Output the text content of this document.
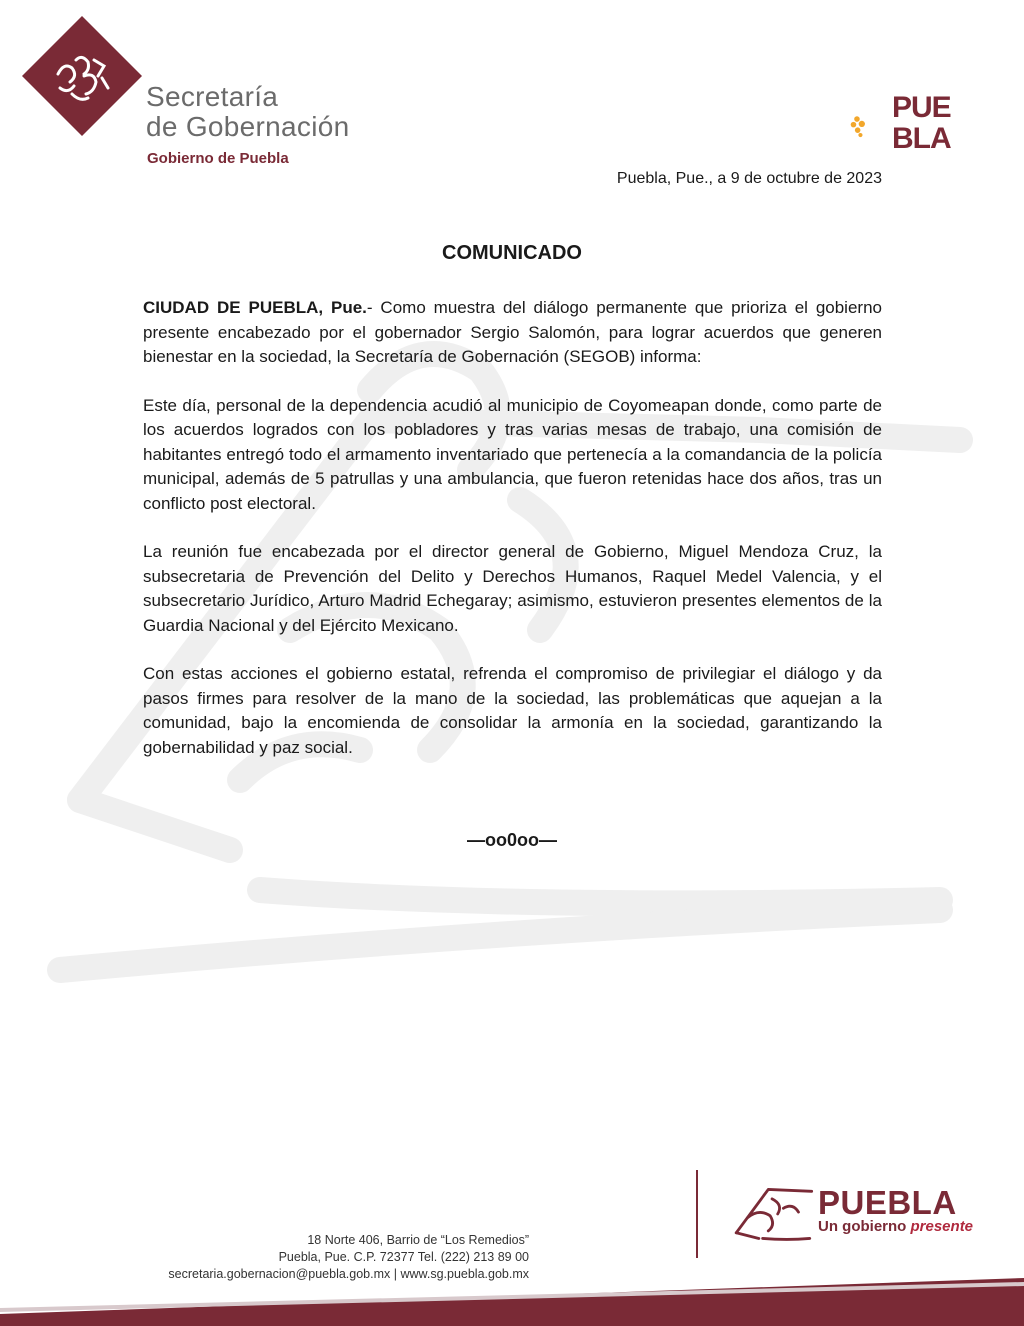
Secretaría
de Gobernación
Gobierno de Puebla
PUE
BLA
Puebla, Pue., a 9 de octubre de 2023
COMUNICADO

CIUDAD DE PUEBLA, Pue.- Como muestra del diálogo permanente que prioriza el gobierno presente encabezado por el gobernador Sergio Salomón, para lograr acuerdos que generen bienestar en la sociedad, la Secretaría de Gobernación (SEGOB) informa:

Este día, personal de la dependencia acudió al municipio de Coyomeapan donde, como parte de los acuerdos logrados con los pobladores y tras varias mesas de trabajo, una comisión de habitantes entregó todo el armamento inventariado que pertenecía a la comandancia de la policía municipal, además de 5 patrullas y una ambulancia, que fueron retenidas hace dos años, tras un conflicto post electoral.

La reunión fue encabezada por el director general de Gobierno, Miguel Mendoza Cruz, la subsecretaria de Prevención del Delito y Derechos Humanos, Raquel Medel Valencia, y el subsecretario Jurídico, Arturo Madrid Echegaray; asimismo, estuvieron presentes elementos de la Guardia Nacional y del Ejército Mexicano.

Con estas acciones el gobierno estatal, refrenda el compromiso de privilegiar el diálogo y da pasos firmes para resolver de la mano de la sociedad, las problemáticas que aquejan a la comunidad, bajo la encomienda de consolidar la armonía en la sociedad, garantizando la gobernabilidad y paz social.

—oo0oo—
18 Norte 406, Barrio de “Los Remedios”
Puebla, Pue. C.P. 72377 Tel. (222) 213 89 00
secretaria.gobernacion@puebla.gob.mx | www.sg.puebla.gob.mx
PUEBLA
Un gobierno presente
